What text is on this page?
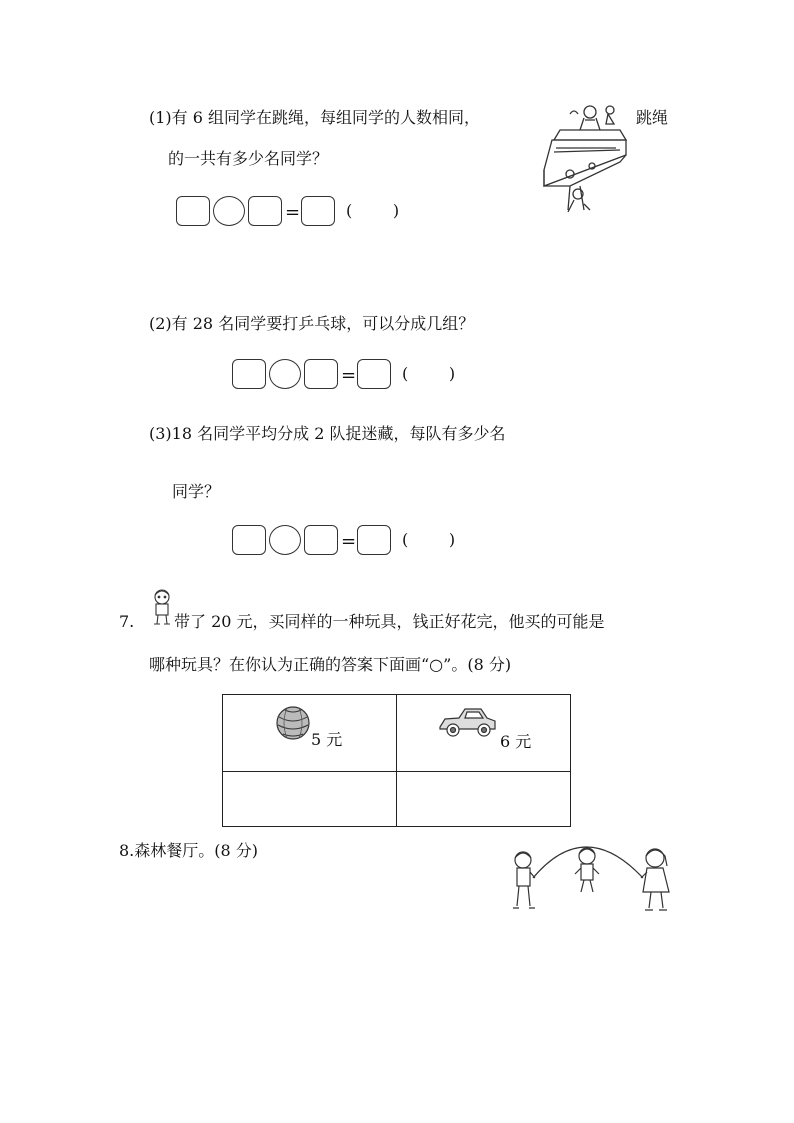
(1)有 6 组同学在跳绳，每组同学的人数相同，	跳绳
的一共有多少名同学？
=	(        )
(2)有 28 名同学要打乒乓球，可以分成几组？
=	(        )
(3)18 名同学平均分成 2 队捉迷藏，每队有多少名
同学？
=	(        )
7. 带了 20 元，买同样的一种玩具，钱正好花完，他买的可能是
哪种玩具？在你认为正确的答案下面画“○”。(8 分)
5 元	6 元

8.森林餐厅。(8 分)
